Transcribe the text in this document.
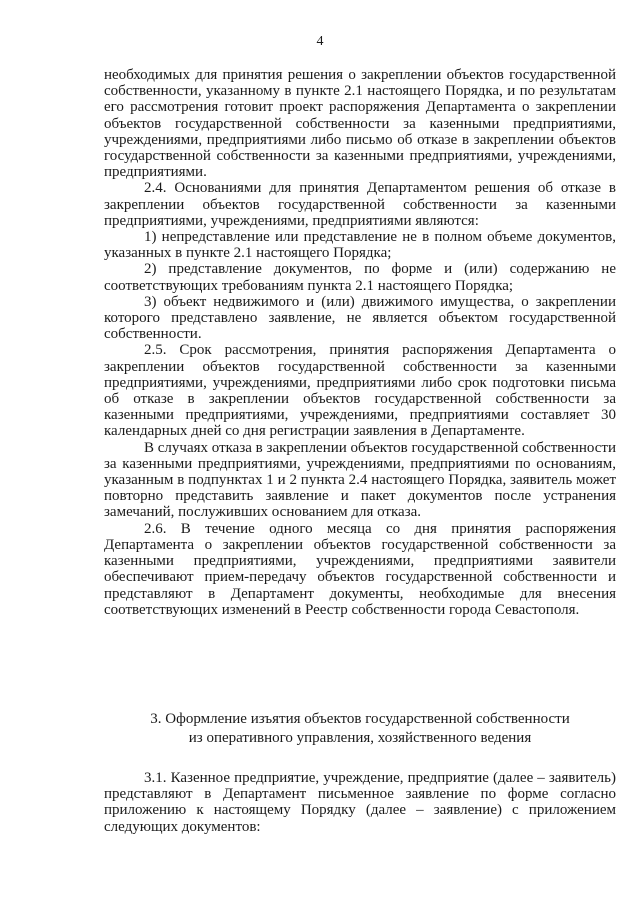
4

необходимых для принятия решения о закреплении объектов государственной собственности, указанному в пункте 2.1 настоящего Порядка, и по результатам его рассмотрения готовит проект распоряжения Департамента о закреплении объектов государственной собственности за казенными предприятиями, учреждениями, предприятиями либо письмо об отказе в закреплении объектов государственной собственности за казенными предприятиями, учреждениями, предприятиями.

2.4. Основаниями для принятия Департаментом решения об отказе в закреплении объектов государственной собственности за казенными предприятиями, учреждениями, предприятиями являются:

1) непредставление или представление не в полном объеме документов, указанных в пункте 2.1 настоящего Порядка;

2) представление документов, по форме и (или) содержанию не соответствующих требованиям пункта 2.1 настоящего Порядка;

3) объект недвижимого и (или) движимого имущества, о закреплении которого представлено заявление, не является объектом государственной собственности.

2.5. Срок рассмотрения, принятия распоряжения Департамента о закреплении объектов государственной собственности за казенными предприятиями, учреждениями, предприятиями либо срок подготовки письма об отказе в закреплении объектов государственной собственности за казенными предприятиями, учреждениями, предприятиями составляет 30 календарных дней со дня регистрации заявления в Департаменте.

В случаях отказа в закреплении объектов государственной собственности за казенными предприятиями, учреждениями, предприятиями по основаниям, указанным в подпунктах 1 и 2 пункта 2.4 настоящего Порядка, заявитель может повторно представить заявление и пакет документов после устранения замечаний, послуживших основанием для отказа.

2.6. В течение одного месяца со дня принятия распоряжения Департамента о закреплении объектов государственной собственности за казенными предприятиями, учреждениями, предприятиями заявители обеспечивают прием-передачу объектов государственной собственности и представляют в Департамент документы, необходимые для внесения соответствующих изменений в Реестр собственности города Севастополя.

3. Оформление изъятия объектов государственной собственности
из оперативного управления, хозяйственного ведения

3.1. Казенное предприятие, учреждение, предприятие (далее – заявитель) представляют в Департамент письменное заявление по форме согласно приложению к настоящему Порядку (далее – заявление) с приложением следующих документов:
